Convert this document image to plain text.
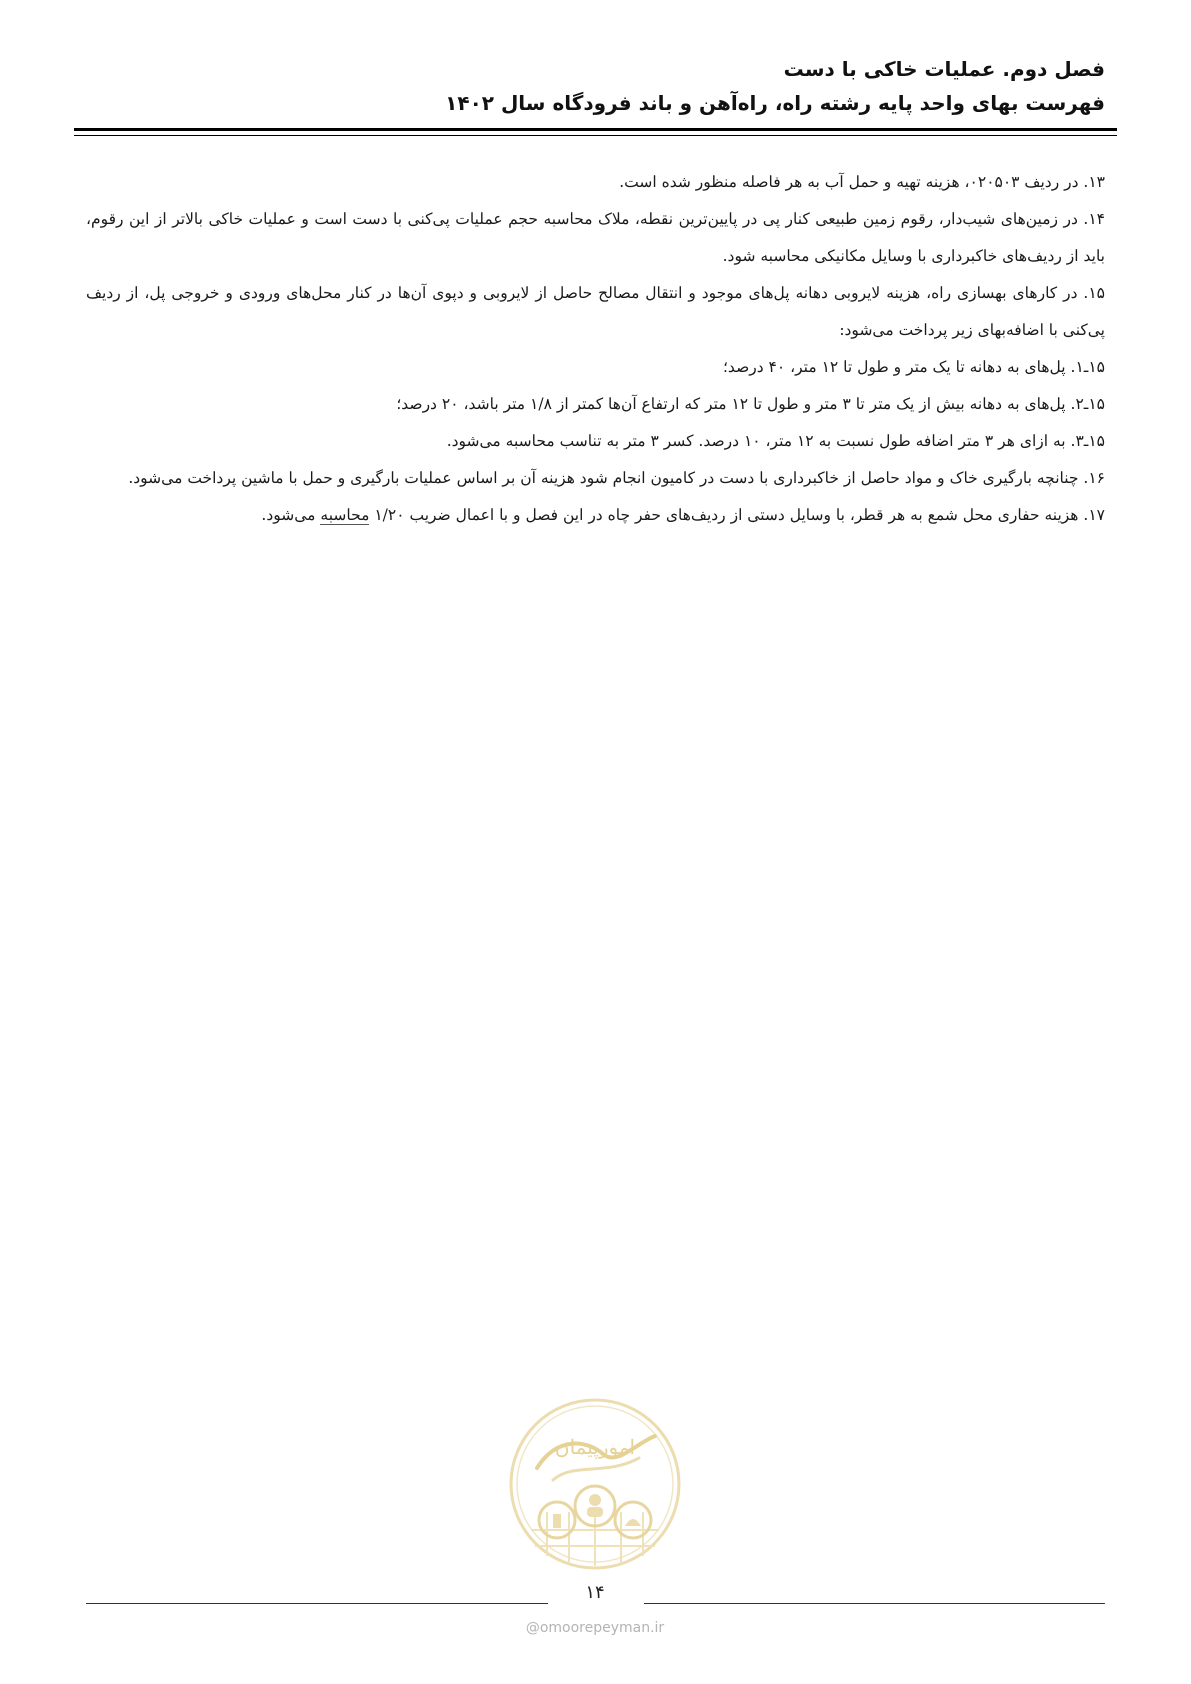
فصل دوم. عملیات خاکی با دست
فهرست بهای واحد پایه رشته راه، راه‌آهن و باند فرودگاه سال ۱۴۰۲

۱۳. در ردیف ۰۲۰۵۰۳، هزینه تهیه و حمل آب به هر فاصله منظور شده است.

۱۴. در زمین‌های شیب‌دار، رقوم زمین طبیعی کنار پی در پایین‌ترین نقطه، ملاک محاسبه حجم عملیات پی‌کنی با دست است و عملیات خاکی بالاتر از این رقوم، باید از ردیف‌های خاکبرداری با وسایل مکانیکی محاسبه شود.

۱۵. در کارهای بهسازی راه، هزینه لایروبی دهانه پل‌های موجود و انتقال مصالح حاصل از لایروبی و دپوی آن‌ها در کنار محل‌های ورودی و خروجی پل، از ردیف پی‌کنی با اضافه‌بهای زیر پرداخت می‌شود:

۱۵ـ۱. پل‌های به دهانه تا یک متر و طول تا ۱۲ متر، ۴۰ درصد؛

۱۵ـ۲. پل‌های به دهانه بیش از یک متر تا ۳ متر و طول تا ۱۲ متر که ارتفاع آن‌ها کمتر از ۱/۸ متر باشد، ۲۰ درصد؛

۱۵ـ۳. به ازای هر ۳ متر اضافه طول نسبت به ۱۲ متر، ۱۰ درصد. کسر ۳ متر به تناسب محاسبه می‌شود.

۱۶. چنانچه بارگیری خاک و مواد حاصل از خاکبرداری با دست در کامیون انجام شود هزینه آن بر اساس عملیات بارگیری و حمل با ماشین پرداخت می‌شود.

۱۷. هزینه حفاری محل شمع به هر قطر، با وسایل دستی از ردیف‌های حفر چاه در این فصل و با اعمال ضریب ۱/۲۰ محاسبه می‌شود.

امورپیمان
۱۴
@omoorepeyman.ir
